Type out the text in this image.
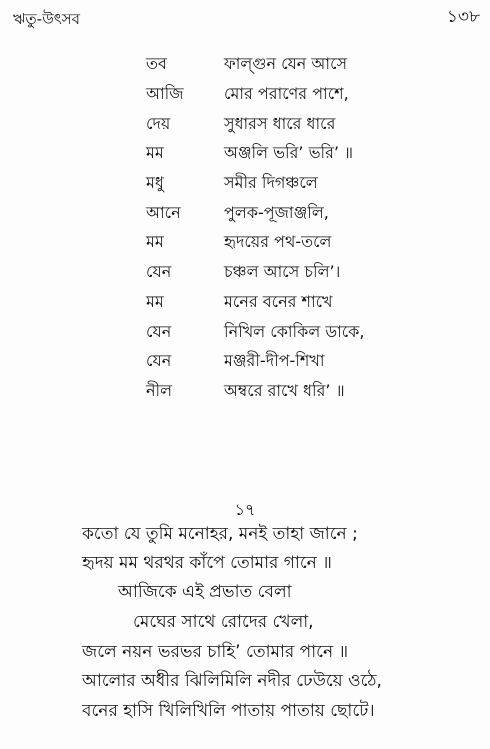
ঋতু-উৎসব	১৩৮
তব	ফাল্গুন যেন আসে
আজি	মোর পরাণের পাশে,
দেয়	সুধারস ধারে ধারে
মম	অঞ্জলি ভরি’ ভরি’ ॥
মধু	সমীর দিগঞ্চলে
আনে	পুলক-পূজাঞ্জলি,
মম	হৃদয়ের পথ-তলে
যেন	চঞ্চল আসে চলি’।
মম	মনের বনের শাখে
যেন	নিখিল কোকিল ডাকে,
যেন	মঞ্জরী-দীপ-শিখা
নীল	অম্বরে রাখে ধরি’ ॥
১৭
কতো যে তুমি মনোহর, মনই তাহা জানে ;
হৃদয় মম থরথর কাঁপে তোমার গানে ॥
আজিকে এই প্রভাত বেলা
মেঘের সাথে রোদের খেলা,
জলে নয়ন ভরভর চাহি’ তোমার পানে ॥
আলোর অধীর ঝিলিমিলি নদীর ঢেউয়ে ওঠে,
বনের হাসি খিলিখিলি পাতায় পাতায় ছোটে।
